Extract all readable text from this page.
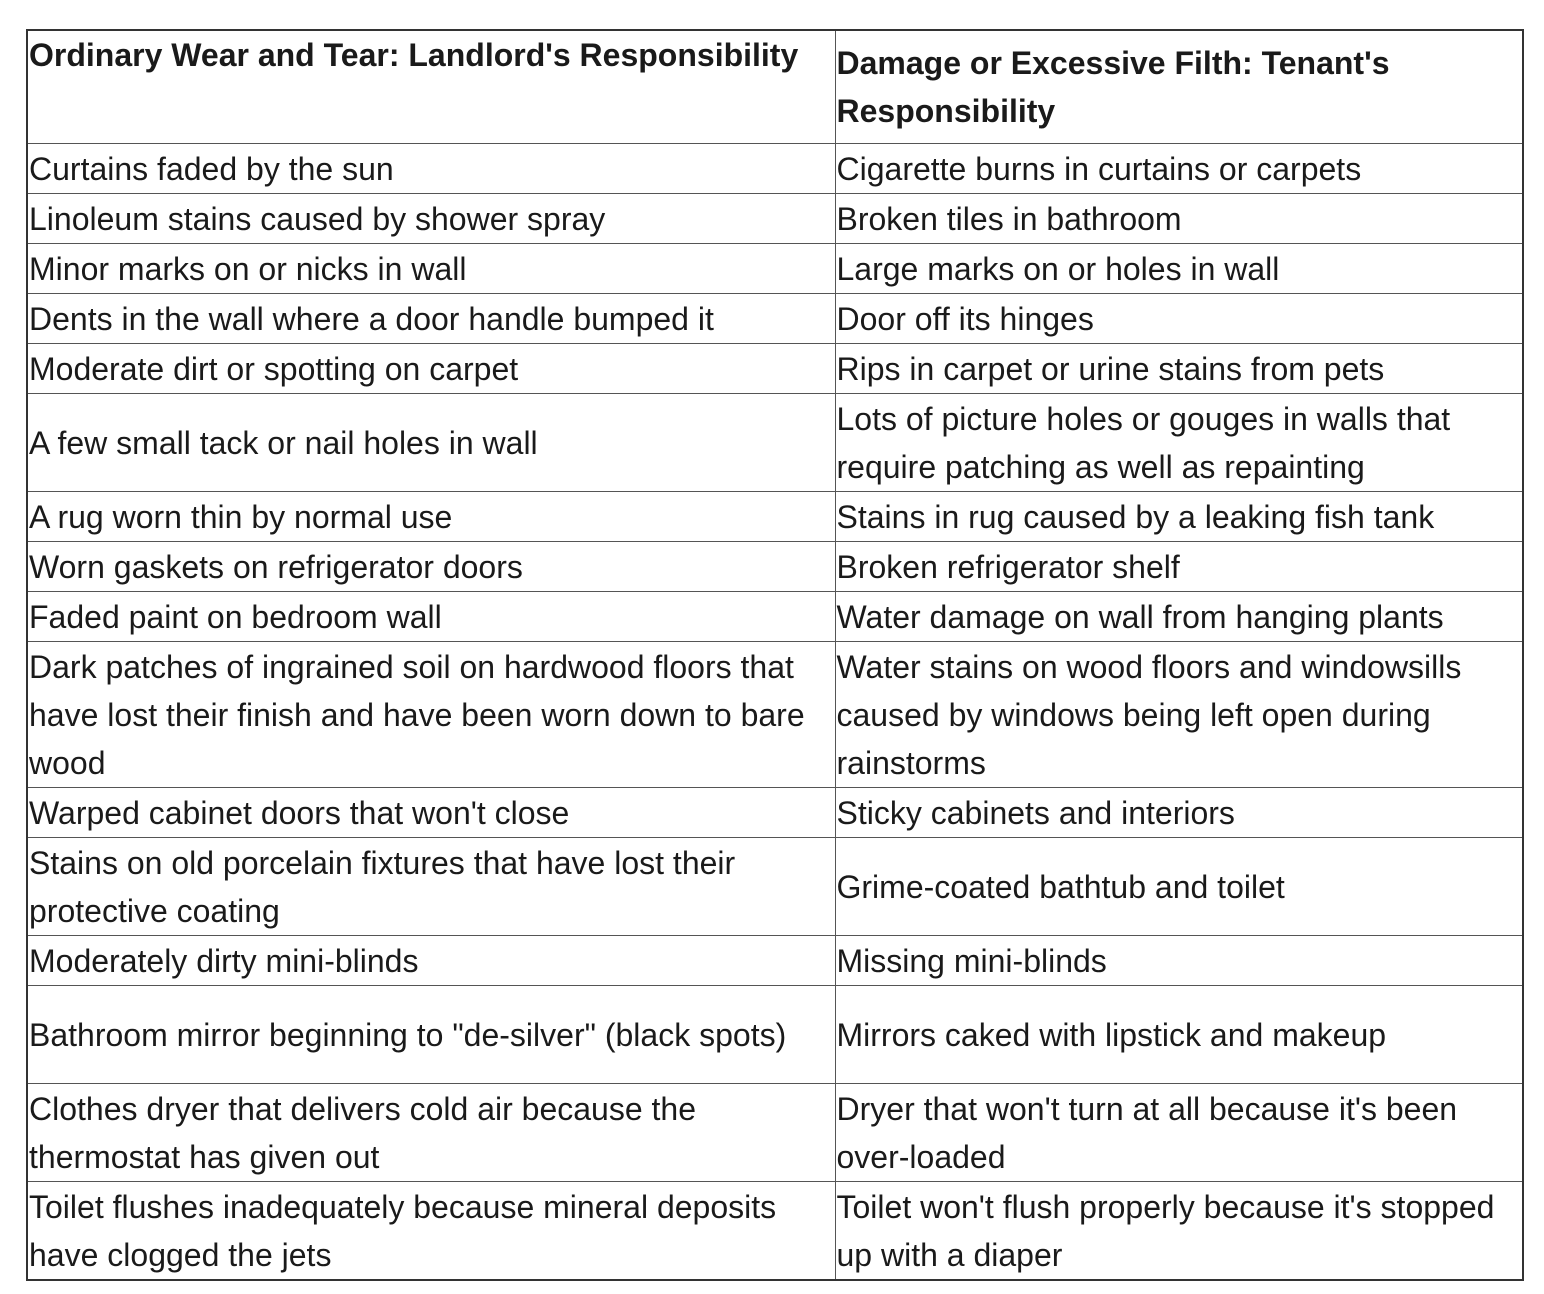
Ordinary Wear and Tear: Landlord's Responsibility	Damage or Excessive Filth: Tenant's Responsibility
Curtains faded by the sun	Cigarette burns in curtains or carpets
Linoleum stains caused by shower spray	Broken tiles in bathroom
Minor marks on or nicks in wall	Large marks on or holes in wall
Dents in the wall where a door handle bumped it	Door off its hinges
Moderate dirt or spotting on carpet	Rips in carpet or urine stains from pets
A few small tack or nail holes in wall	Lots of picture holes or gouges in walls that require patching as well as repainting
A rug worn thin by normal use	Stains in rug caused by a leaking fish tank
Worn gaskets on refrigerator doors	Broken refrigerator shelf
Faded paint on bedroom wall	Water damage on wall from hanging plants
Dark patches of ingrained soil on hardwood floors that have lost their finish and have been worn down to bare wood	Water stains on wood floors and windowsills caused by windows being left open during rainstorms
Warped cabinet doors that won't close	Sticky cabinets and interiors
Stains on old porcelain fixtures that have lost their protective coating	Grime-coated bathtub and toilet
Moderately dirty mini-blinds	Missing mini-blinds
Bathroom mirror beginning to "de-silver" (black spots)	Mirrors caked with lipstick and makeup
Clothes dryer that delivers cold air because the thermostat has given out	Dryer that won't turn at all because it's been over-loaded
Toilet flushes inadequately because mineral deposits have clogged the jets	Toilet won't flush properly because it's stopped up with a diaper
